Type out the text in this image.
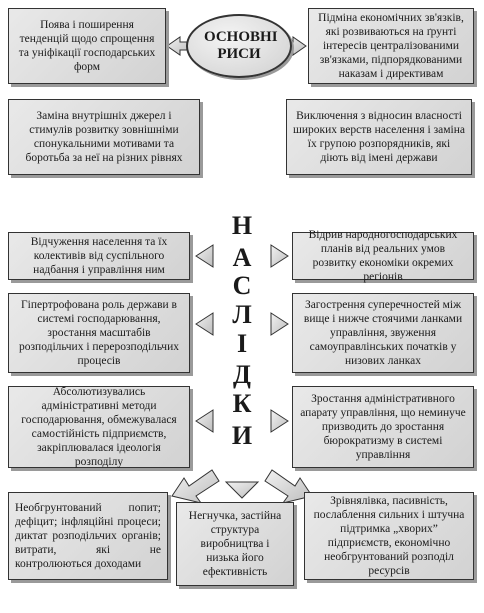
Поява і поширення тенденцій щодо спрощення та уніфікації господарських форм
ОСНОВНІ РИСИ
Підміна економічних зв'язків, які розвиваються на ґрунті інтересів централізованими зв'язками, підпорядкованими наказам і директивам
Заміна внутрішніх джерел і стимулів розвитку зовнішніми спонукальними мотивами та боротьба за неї на різних рівнях
Виключення з відносин власності широких верств населення і заміна їх групою розпорядників, які діють від імені держави
Н
А
С
Л
І
Д
К
И
Відчуження населення та їх колективів від суспільного надбання і управління ним
Гіпертрофована роль держави в системі господарювання, зростання масштабів розподільчих і перерозподільчих процесів
Абсолютизувались адміністративні методи господарювання, обмежувалася самостійність підприємств, закріплювалася ідеологія розподілу
Відрив народногосподарських планів від реальних умов розвитку економіки окремих регіонів
Загострення суперечностей між вище і нижче стоячими ланками управління, звуження самоуправлінських початків у низових ланках
Зростання адміністративного апарату управління, що неминуче призводить до зростання бюрократизму в системі управління
Необгрунтований попит; дефіцит; інфляційні процеси; диктат розподільчих органів; витрати, які не контролюються доходами
Негнучка, застійна структура виробництва і низька його ефективність
Зрівнялівка, пасивність, послаблення сильних і штучна підтримка „хворих” підприємств, економічно необгрунтований розподіл ресурсів
